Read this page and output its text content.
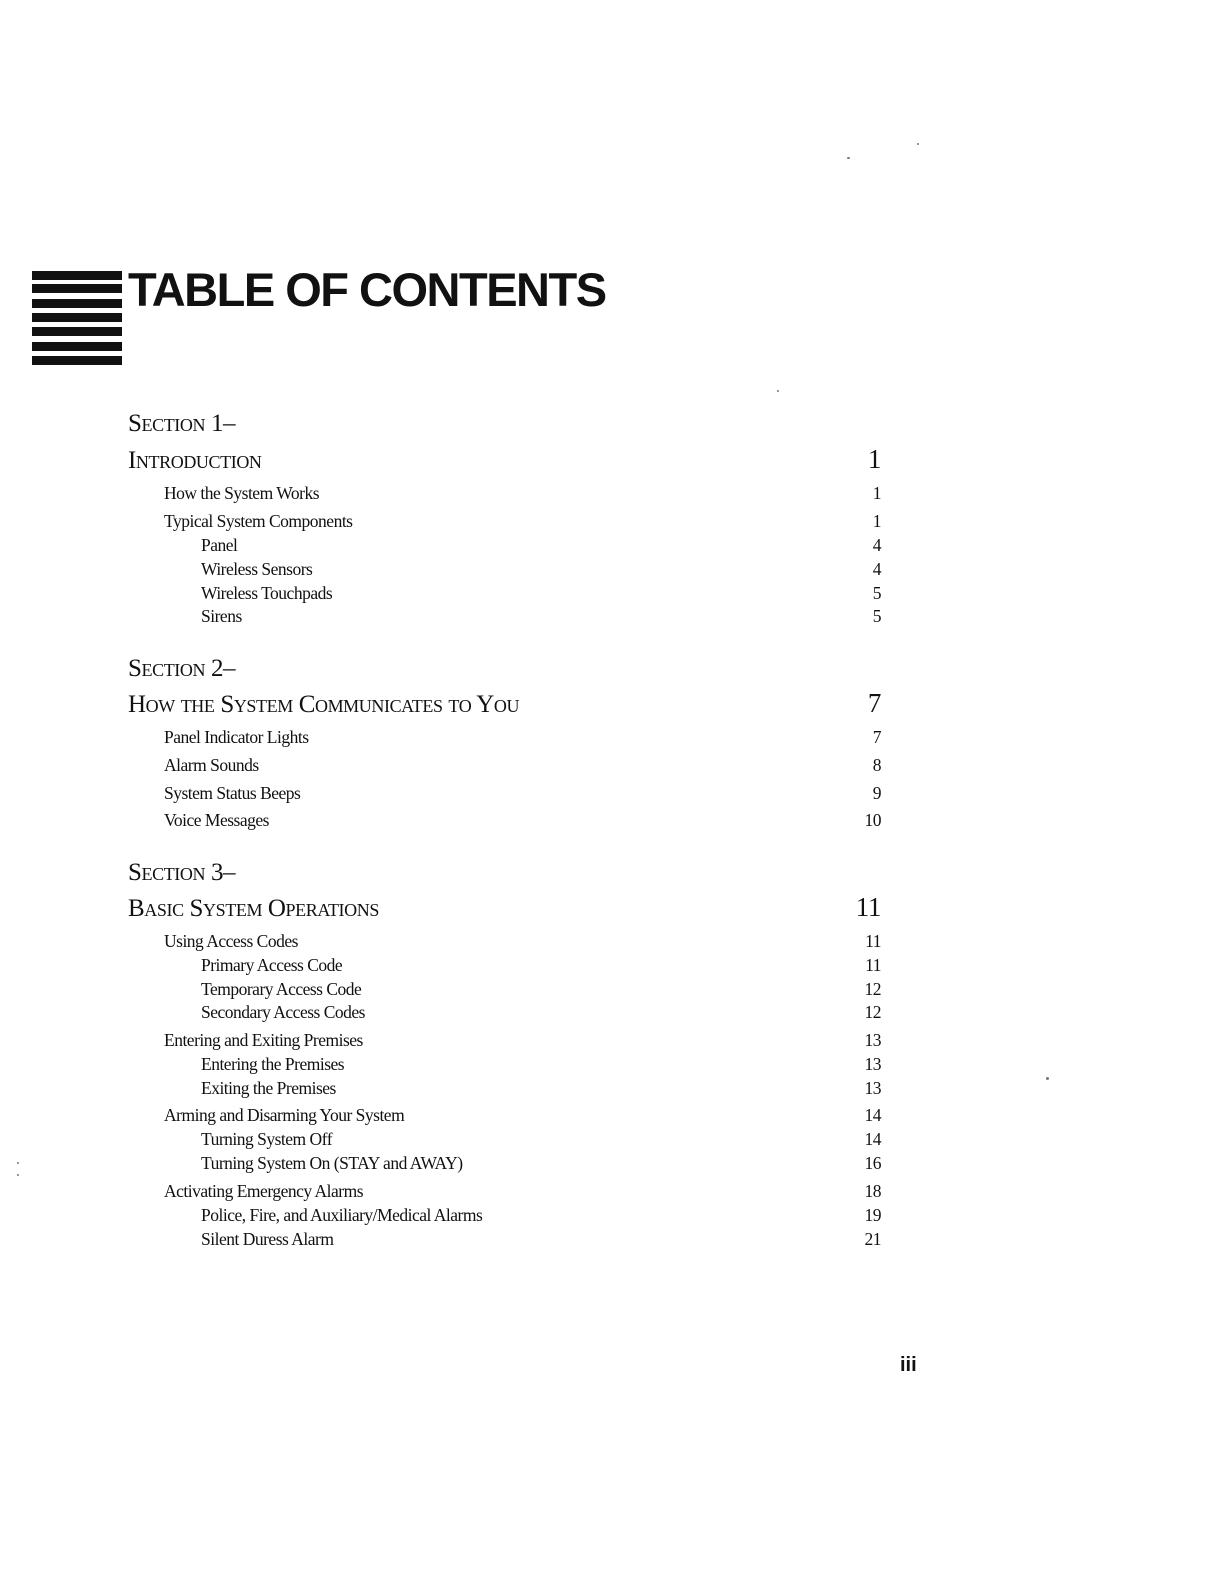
TABLE OF CONTENTS
Section 1–
Introduction	1
How the System Works	1
Typical System Components	1
Panel	4
Wireless Sensors	4
Wireless Touchpads	5
Sirens	5
Section 2–
How the System Communicates to You	7
Panel Indicator Lights	7
Alarm Sounds	8
System Status Beeps	9
Voice Messages	10
Section 3–
Basic System Operations	11
Using Access Codes	11
Primary Access Code	11
Temporary Access Code	12
Secondary Access Codes	12
Entering and Exiting Premises	13
Entering the Premises	13
Exiting the Premises	13
Arming and Disarming Your System	14
Turning System Off	14
Turning System On (STAY and AWAY)	16
Activating Emergency Alarms	18
Police, Fire, and Auxiliary/Medical Alarms	19
Silent Duress Alarm	21
iii
